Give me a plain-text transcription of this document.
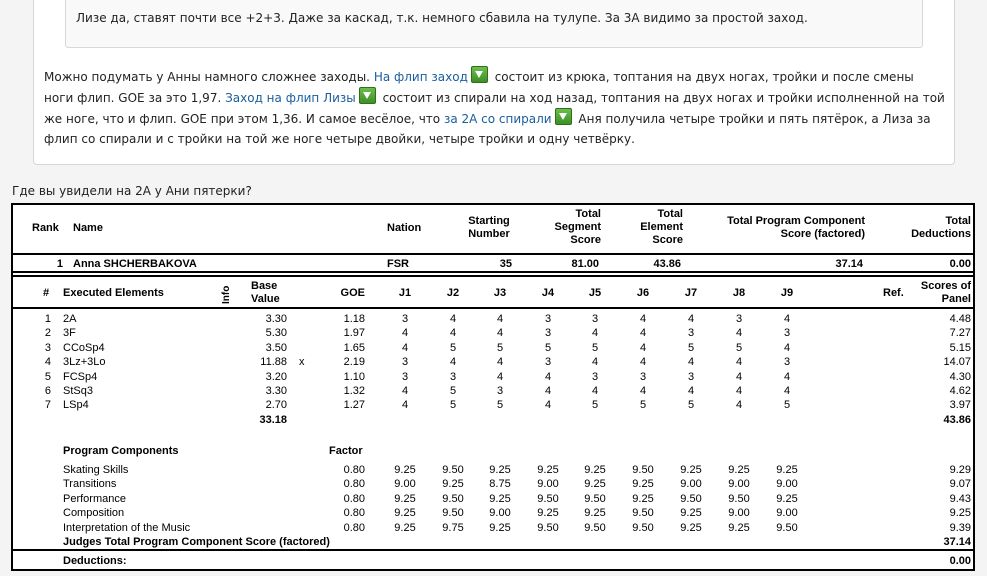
Лизе да, ставят почти все +2+3. Даже за каскад, т.к. немного сбавила на тулупе. За 3А видимо за простой заход.
Можно подумать у Анны намного сложнее заходы. На флип заход состоит из крюка, топтания на двух ногах, тройки и после смены ноги флип. GOE за это 1,97. Заход на флип Лизы состоит из спирали на ход назад, топтания на двух ногах и тройки исполненной на той же ноге, что и флип. GOE при этом 1,36. И самое весёлое, что за 2А со спирали Аня получила четыре тройки и пять пятёрок, а Лиза за флип со спирали и с тройки на той же ноге четыре двойки, четыре тройки и одну четвёрку.
Где вы увидели на 2А у Ани пятерки?
Rank Name	Nation
Starting
Number
Total
Segment
Score
Total
Element
Score
Total Program Component
Score (factored)
Total
Deductions
1 Anna SHCHERBAKOVA	FSR	35	81.00	43.86	37.14	0.00
# Executed Elements	Info Base
Value	GOE	J1	J2	J3	J4	J5	J6	J7	J8	J9	Ref.
Scores of
Panel
1 2A	3.30	1.18	3	4	4	3	3	4	4	3	4	4.48
2 3F	5.30	1.97	4	4	4	3	4	4	3	4	3	7.27
3 CCoSp4	3.50	1.65	4	5	5	5	5	4	5	5	4	5.15
4 3Lz+3Lo	11.88 x	2.19	3	4	4	3	4	4	4	4	3	14.07
5 FCSp4	3.20	1.10	3	3	4	4	3	3	3	4	4	4.30
6 StSq3	3.30	1.32	4	5	3	4	4	4	4	4	4	4.62
7 LSp4	2.70	1.27	4	5	5	4	5	5	5	4	5	3.97
33.18	43.86
Program Components	Factor
Skating Skills	0.80	9.25	9.50	9.25	9.25	9.25	9.50	9.25	9.25	9.25	9.29
Transitions	0.80	9.00	9.25	8.75	9.00	9.25	9.25	9.00	9.00	9.00	9.07
Performance	0.80	9.25	9.50	9.25	9.50	9.50	9.25	9.50	9.50	9.25	9.43
Composition	0.80	9.25	9.50	9.00	9.25	9.25	9.50	9.25	9.00	9.00	9.25
Interpretation of the Music	0.80	9.25	9.75	9.25	9.50	9.50	9.50	9.25	9.25	9.50	9.39
Judges Total Program Component Score (factored)	37.14
Deductions:	0.00
